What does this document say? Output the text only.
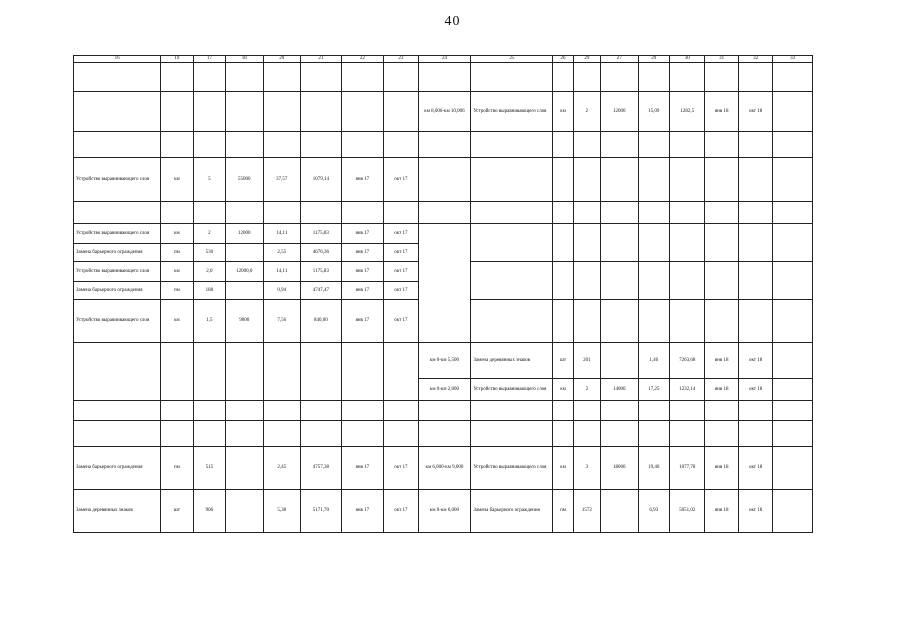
40
16	19	17	18	20	21	22	23	24	25	26	29	27	29	30	31	32	33

								км 8,006-км 10,006	Устройство выравнивающего слоя	км	2	12000	15,09	1282,5	янв 18	окт 18	

Устройство выравнивающего слоя	км	5	55000	37,57	1079,14	янв 17	окт 17										

Устройство выравнивающего слоя	км	2	12000	14,11	1175,83	янв 17	окт 17										
Замена барьерного ограждения	пм	530		2,55	4676,36	янв 17	окт 17										
Устройство выравнивающего слоя	км	2,0	12000,0	14,11	1175,83	янв 17	окт 17										
Замена барьерного ограждения	пм	188		0,94	4747,47	янв 17	окт 17										
Устройство выравнивающего слоя	км	1,5	9000	7,56	840,00	янв 17	окт 17										
								км 0-км 5,500	Замена деревянных знаков	шт	201		1,46	7263,68	янв 18	окт 18	
								км 0-км 2,000	Устройство выравнивающего слоя	км	2	14000	17,25	1232,14	янв 18	окт 18	

Замена барьерного ограждения	пм	515		2,45	4757,38	янв 17	окт 17	км 6,000-км 9,000	Устройство выравнивающего слоя	км	3	18000	19,40	1077,78	янв 18	окт 18	
Замена деревянных знаков	шт	906		5,38	5171,70	янв 17	окт 17	км 0-км 6,000	Замена барьерного ограждения	пм	1572		6,93	5051,02	янв 18	окт 18	
